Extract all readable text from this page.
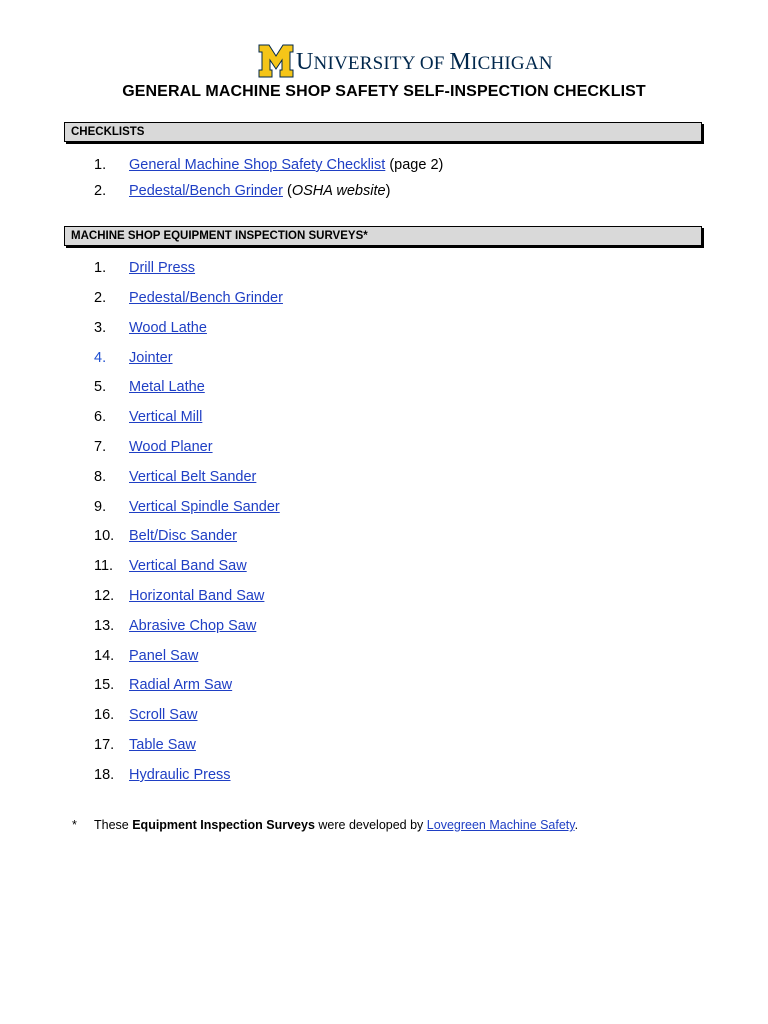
UNIVERSITY OF MICHIGAN
GENERAL MACHINE SHOP SAFETY SELF-INSPECTION CHECKLIST
CHECKLISTS
1.	General Machine Shop Safety Checklist (page 2)
2.	Pedestal/Bench Grinder (OSHA website)
MACHINE SHOP EQUIPMENT INSPECTION SURVEYS*
1.	Drill Press
2.	Pedestal/Bench Grinder
3.	Wood Lathe
4.	Jointer
5.	Metal Lathe
6.	Vertical Mill
7.	Wood Planer
8.	Vertical Belt Sander
9.	Vertical Spindle Sander
10.	Belt/Disc Sander
11.	Vertical Band Saw
12.	Horizontal Band Saw
13.	Abrasive Chop Saw
14.	Panel Saw
15.	Radial Arm Saw
16.	Scroll Saw
17.	Table Saw
18.	Hydraulic Press
* These Equipment Inspection Surveys were developed by Lovegreen Machine Safety.
